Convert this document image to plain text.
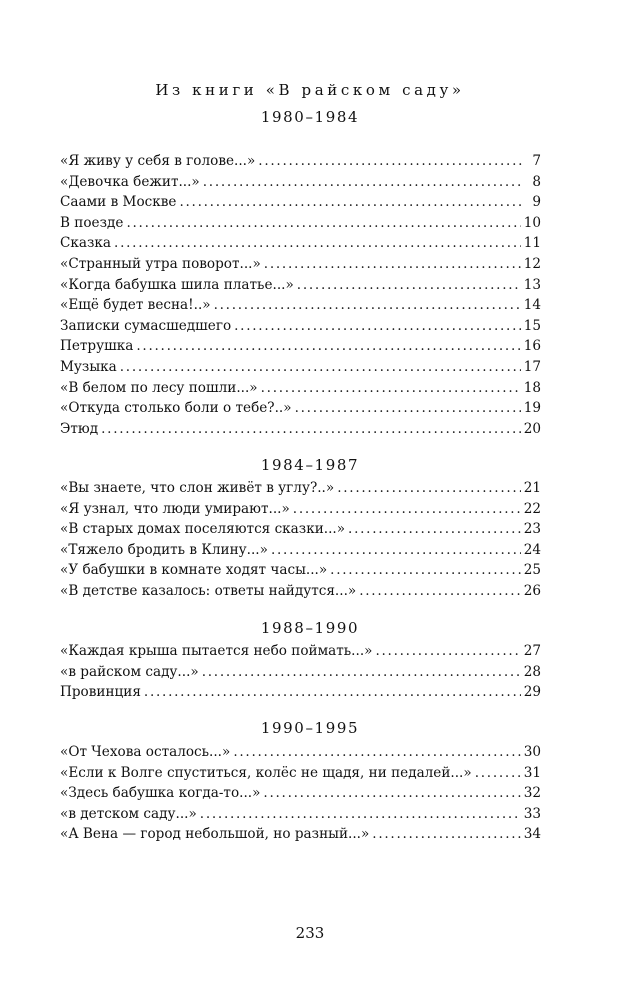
Из книги «В райском саду»
1980–1984
«Я живу у себя в голове...» . . .	7
«Девочка бежит...» . . .	8
Саами в Москве . . .	9
В поезде . . .	10
Сказка . . .	11
«Странный утра поворот...» . . .	12
«Когда бабушка шила платье...» . . .	13
«Ещё будет весна!..» . . .	14
Записки сумасшедшего . . .	15
Петрушка . . .	16
Музыка . . .	17
«В белом по лесу пошли...» . . .	18
«Откуда столько боли о тебе?..» . . .	19
Этюд . . .	20
1984–1987
«Вы знаете, что слон живёт в углу?..» . . .	21
«Я узнал, что люди умирают...» . . .	22
«В старых домах поселяются сказки...» . . .	23
«Тяжело бродить в Клину...» . . .	24
«У бабушки в комнате ходят часы...» . . .	25
«В детстве казалось: ответы найдутся...» . . .	26
1988–1990
«Каждая крыша пытается небо поймать...» . . .	27
«в райском саду...» . . .	28
Провинция . . .	29
1990–1995
«От Чехова осталось...» . . .	30
«Если к Волге спуститься, колёс не щадя, ни педалей...» . . .	31
«Здесь бабушка когда-то...» . . .	32
«в детском саду...» . . .	33
«А Вена — город небольшой, но разный...» . . .	34
233
